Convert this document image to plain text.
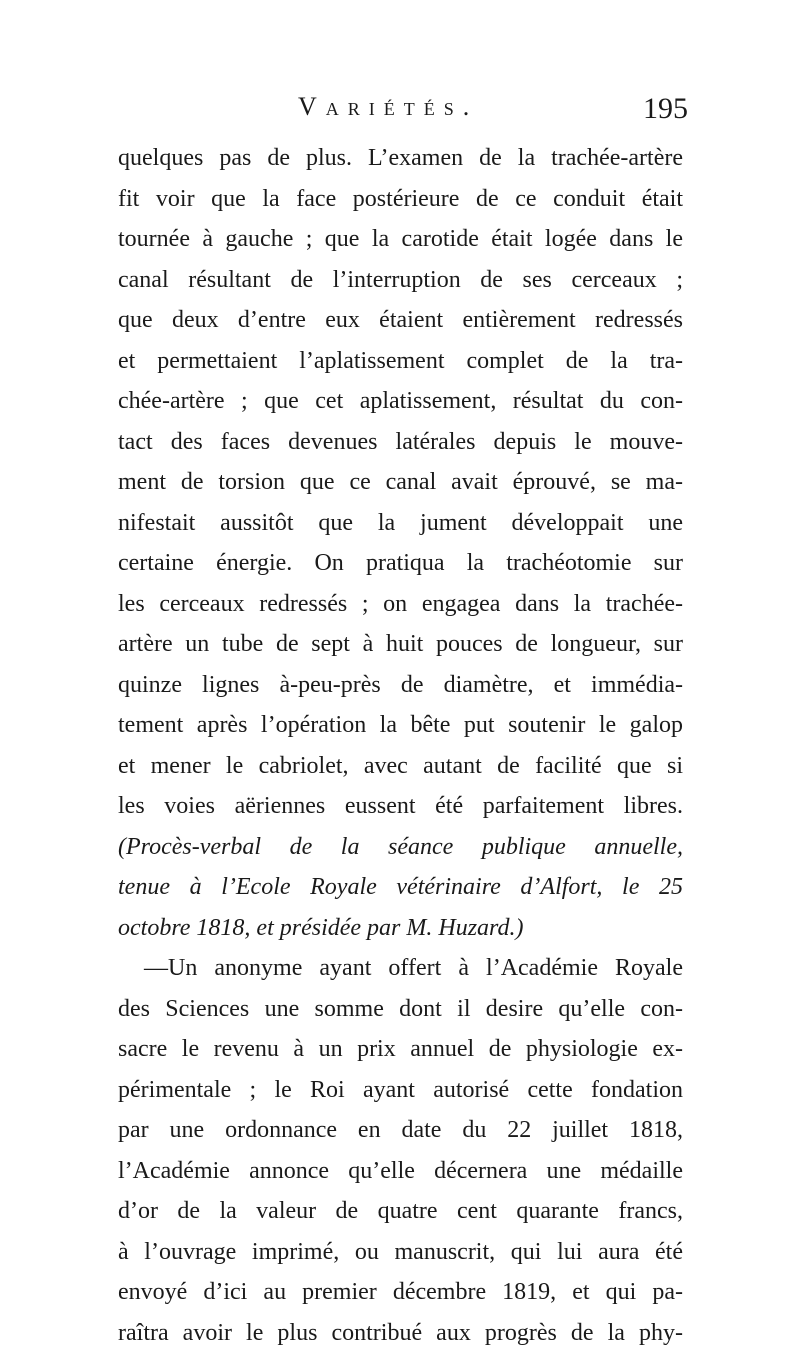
Variétés.	195
quelques pas de plus. L’examen de la trachée-artère
fit voir que la face postérieure de ce conduit était
tournée à gauche ; que la carotide était logée dans le
canal résultant de l’interruption de ses cerceaux ;
que deux d’entre eux étaient entièrement redressés
et permettaient l’aplatissement complet de la tra-
chée-artère ; que cet aplatissement, résultat du con-
tact des faces devenues latérales depuis le mouve-
ment de torsion que ce canal avait éprouvé, se ma-
nifestait aussitôt que la jument développait une
certaine énergie. On pratiqua la trachéotomie sur
les cerceaux redressés ; on engagea dans la trachée-
artère un tube de sept à huit pouces de longueur, sur
quinze lignes à-peu-près de diamètre, et immédia-
tement après l’opération la bête put soutenir le galop
et mener le cabriolet, avec autant de facilité que si
les voies aëriennes eussent été parfaitement libres.
(Procès-verbal de la séance publique annuelle,
tenue à l’Ecole Royale vétérinaire d’Alfort, le 25
octobre 1818, et présidée par M. Huzard.)
—Un anonyme ayant offert à l’Académie Royale
des Sciences une somme dont il desire qu’elle con-
sacre le revenu à un prix annuel de physiologie ex-
périmentale ; le Roi ayant autorisé cette fondation
par une ordonnance en date du 22 juillet 1818,
l’Académie annonce qu’elle décernera une médaille
d’or de la valeur de quatre cent quarante francs,
à l’ouvrage imprimé, ou manuscrit, qui lui aura été
envoyé d’ici au premier décembre 1819, et qui pa-
raîtra avoir le plus contribué aux progrès de la phy-
